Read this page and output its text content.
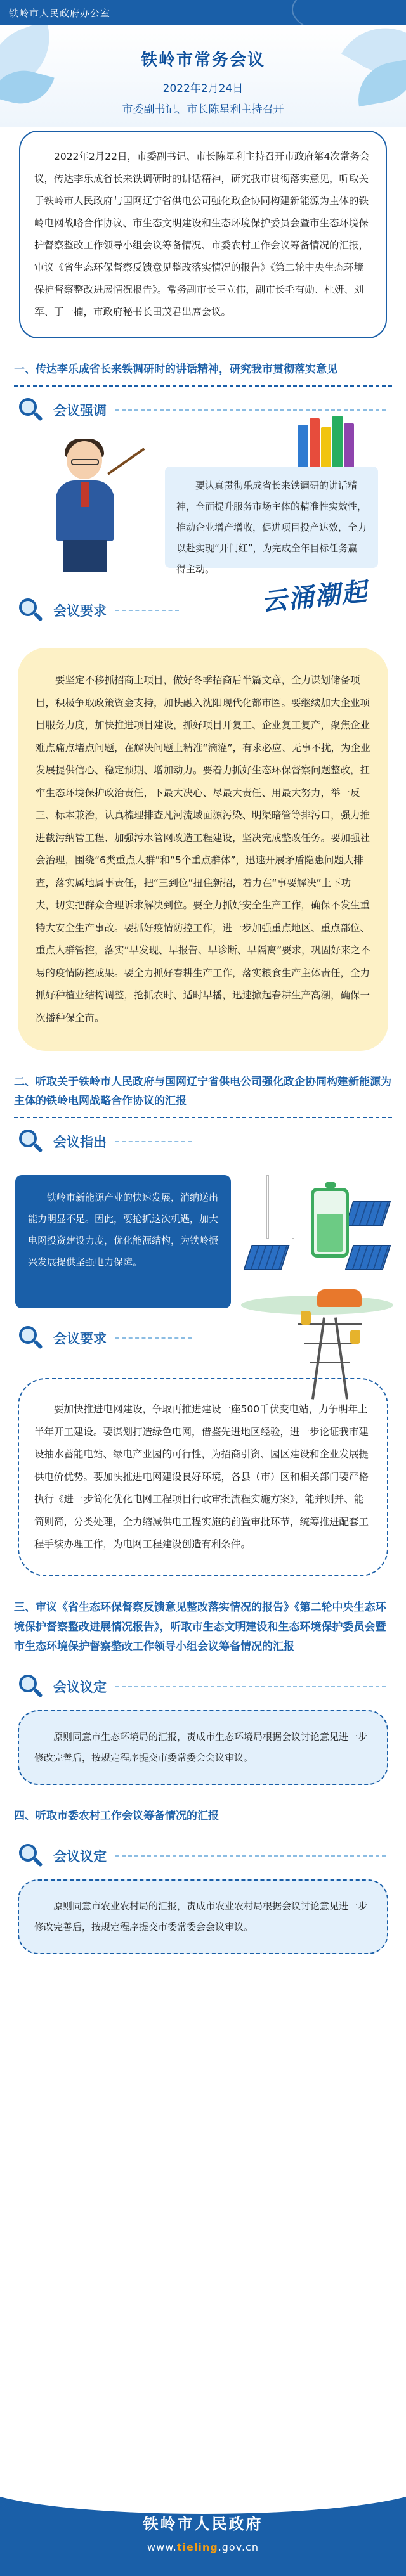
铁岭市人民政府办公室
铁岭市常务会议
2022年2月24日
市委副书记、市长陈星利主持召开

2022年2月22日，市委副书记、市长陈星利主持召开市政府第4次常务会议，传达李乐成省长来铁调研时的讲话精神，研究我市贯彻落实意见，听取关于铁岭市人民政府与国网辽宁省供电公司强化政企协同构建新能源为主体的铁岭电网战略合作协议、市生态文明建设和生态环境保护委员会暨市生态环境保护督察整改工作领导小组会议筹备情况、市委农村工作会议筹备情况的汇报，审议《省生态环保督察反馈意见整改落实情况的报告》《第二轮中央生态环境保护督察整改进展情况报告》。常务副市长王立伟，副市长毛有勋、杜妍、刘军、丁一楠，市政府秘书长田茂君出席会议。

一、传达李乐成省长来铁调研时的讲话精神，研究我市贯彻落实意见
会议强调

要认真贯彻乐成省长来铁调研的讲话精神，全面提升服务市场主体的精准性实效性，推动企业增产增收，促进项目投产达效，全力以赴实现“开门红”，为完成全年目标任务赢得主动。

会议要求	云涌潮起

要坚定不移抓招商上项目，做好冬季招商后半篇文章，全力谋划储备项目，积极争取政策资金支持，加快融入沈阳现代化都市圈。要继续加大企业项目服务力度，加快推进项目建设，抓好项目开复工、企业复工复产，聚焦企业难点痛点堵点问题，在解决问题上精准“滴灌”，有求必应、无事不扰，为企业发展提供信心、稳定预期、增加动力。要着力抓好生态环保督察问题整改，扛牢生态环境保护政治责任，下最大决心、尽最大责任、用最大努力，举一反三、标本兼治，认真梳理排查凡河流域面源污染、明渠暗管等排污口，强力推进截污纳管工程、加强污水管网改造工程建设，坚决完成整改任务。要加强社会治理，围绕“6类重点人群”和“5个重点群体”，迅速开展矛盾隐患问题大排查，落实属地属事责任，把“三到位”扭住新招，着力在“事要解决”上下功夫，切实把群众合理诉求解决到位。要全力抓好安全生产工作，确保不发生重特大安全生产事故。要抓好疫情防控工作，进一步加强重点地区、重点部位、重点人群管控，落实“早发现、早报告、早诊断、早隔离”要求，巩固好来之不易的疫情防控成果。要全力抓好春耕生产工作，落实粮食生产主体责任，全力抓好种植业结构调整，抢抓农时、适时早播，迅速掀起春耕生产高潮，确保一次播种保全苗。

二、听取关于铁岭市人民政府与国网辽宁省供电公司强化政企协同构建新能源为主体的铁岭电网战略合作协议的汇报
会议指出

铁岭市新能源产业的快速发展，消纳送出能力明显不足。因此，要抢抓这次机遇，加大电网投资建设力度，优化能源结构，为铁岭振兴发展提供坚强电力保障。

会议要求

要加快推进电网建设，争取再推进建设一座500千伏变电站，力争明年上半年开工建设。要谋划打造绿色电网，借鉴先进地区经验，进一步论证我市建设抽水蓄能电站、绿电产业园的可行性，为招商引资、园区建设和企业发展提供电价优势。要加快推进电网建设良好环境，各县（市）区和相关部门要严格执行《进一步简化优化电网工程项目行政审批流程实施方案》，能并则并、能简则简，分类处理，全力缩减供电工程实施的前置审批环节，统筹推进配套工程手续办理工作，为电网工程建设创造有利条件。

三、审议《省生态环保督察反馈意见整改落实情况的报告》《第二轮中央生态环境保护督察整改进展情况报告》，听取市生态文明建设和生态环境保护委员会暨市生态环境保护督察整改工作领导小组会议筹备情况的汇报
会议议定

原则同意市生态环境局的汇报，责成市生态环境局根据会议讨论意见进一步修改完善后，按规定程序提交市委常委会会议审议。

四、听取市委农村工作会议筹备情况的汇报
会议议定

原则同意市农业农村局的汇报，责成市农业农村局根据会议讨论意见进一步修改完善后，按规定程序提交市委常委会会议审议。

铁岭市人民政府
www.tieling.gov.cn
